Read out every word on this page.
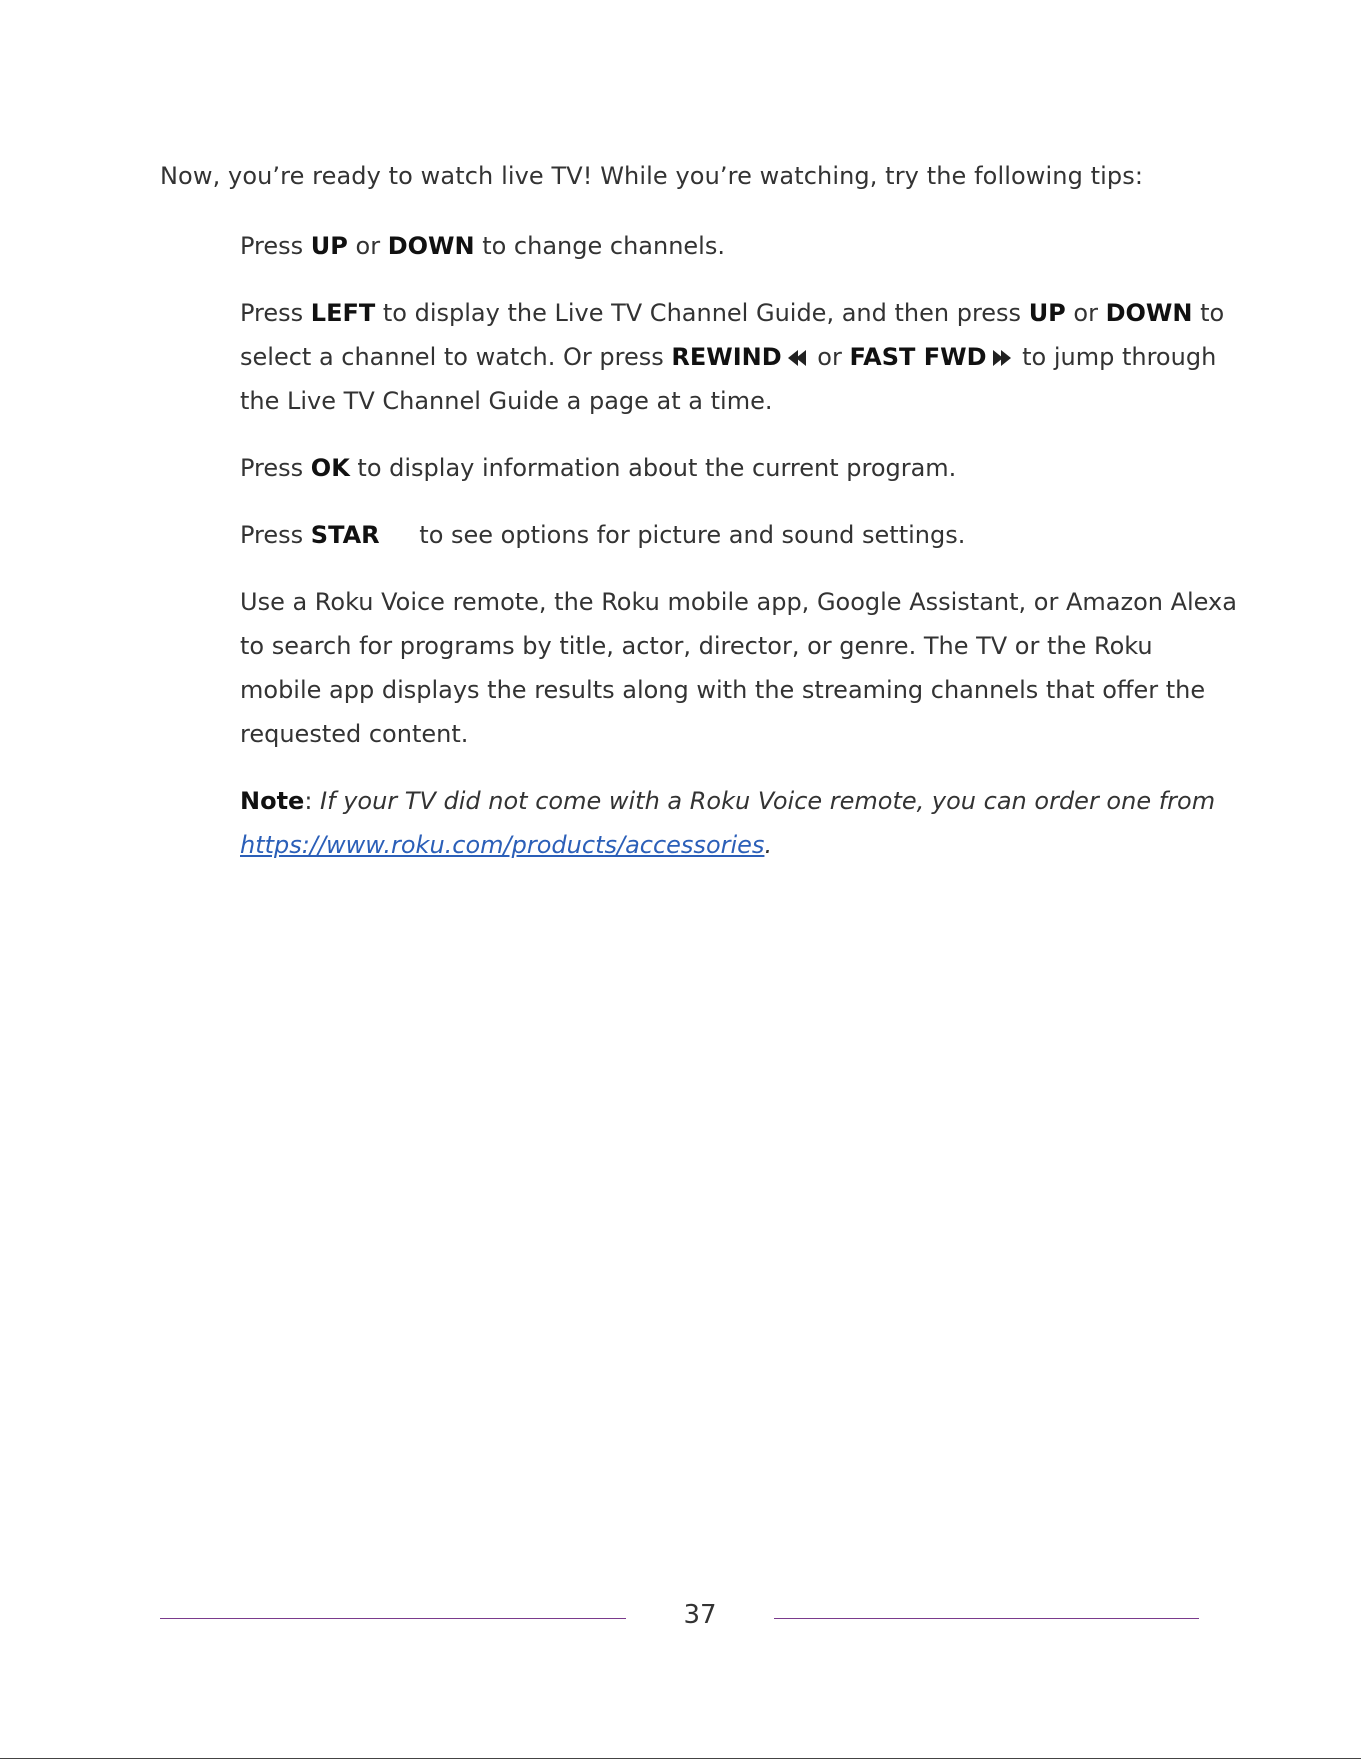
Now, you’re ready to watch live TV! While you’re watching, try the following tips:

Press UP or DOWN to change channels.

Press LEFT to display the Live TV Channel Guide, and then press UP or DOWN to select a channel to watch. Or press REWIND or FAST FWD to jump through the Live TV Channel Guide a page at a time.

Press OK to display information about the current program.

Press STAR to see options for picture and sound settings.

Use a Roku Voice remote, the Roku mobile app, Google Assistant, or Amazon Alexa to search for programs by title, actor, director, or genre. The TV or the Roku mobile app displays the results along with the streaming channels that offer the requested content.

Note: If your TV did not come with a Roku Voice remote, you can order one from https://www.roku.com/products/accessories.

37
